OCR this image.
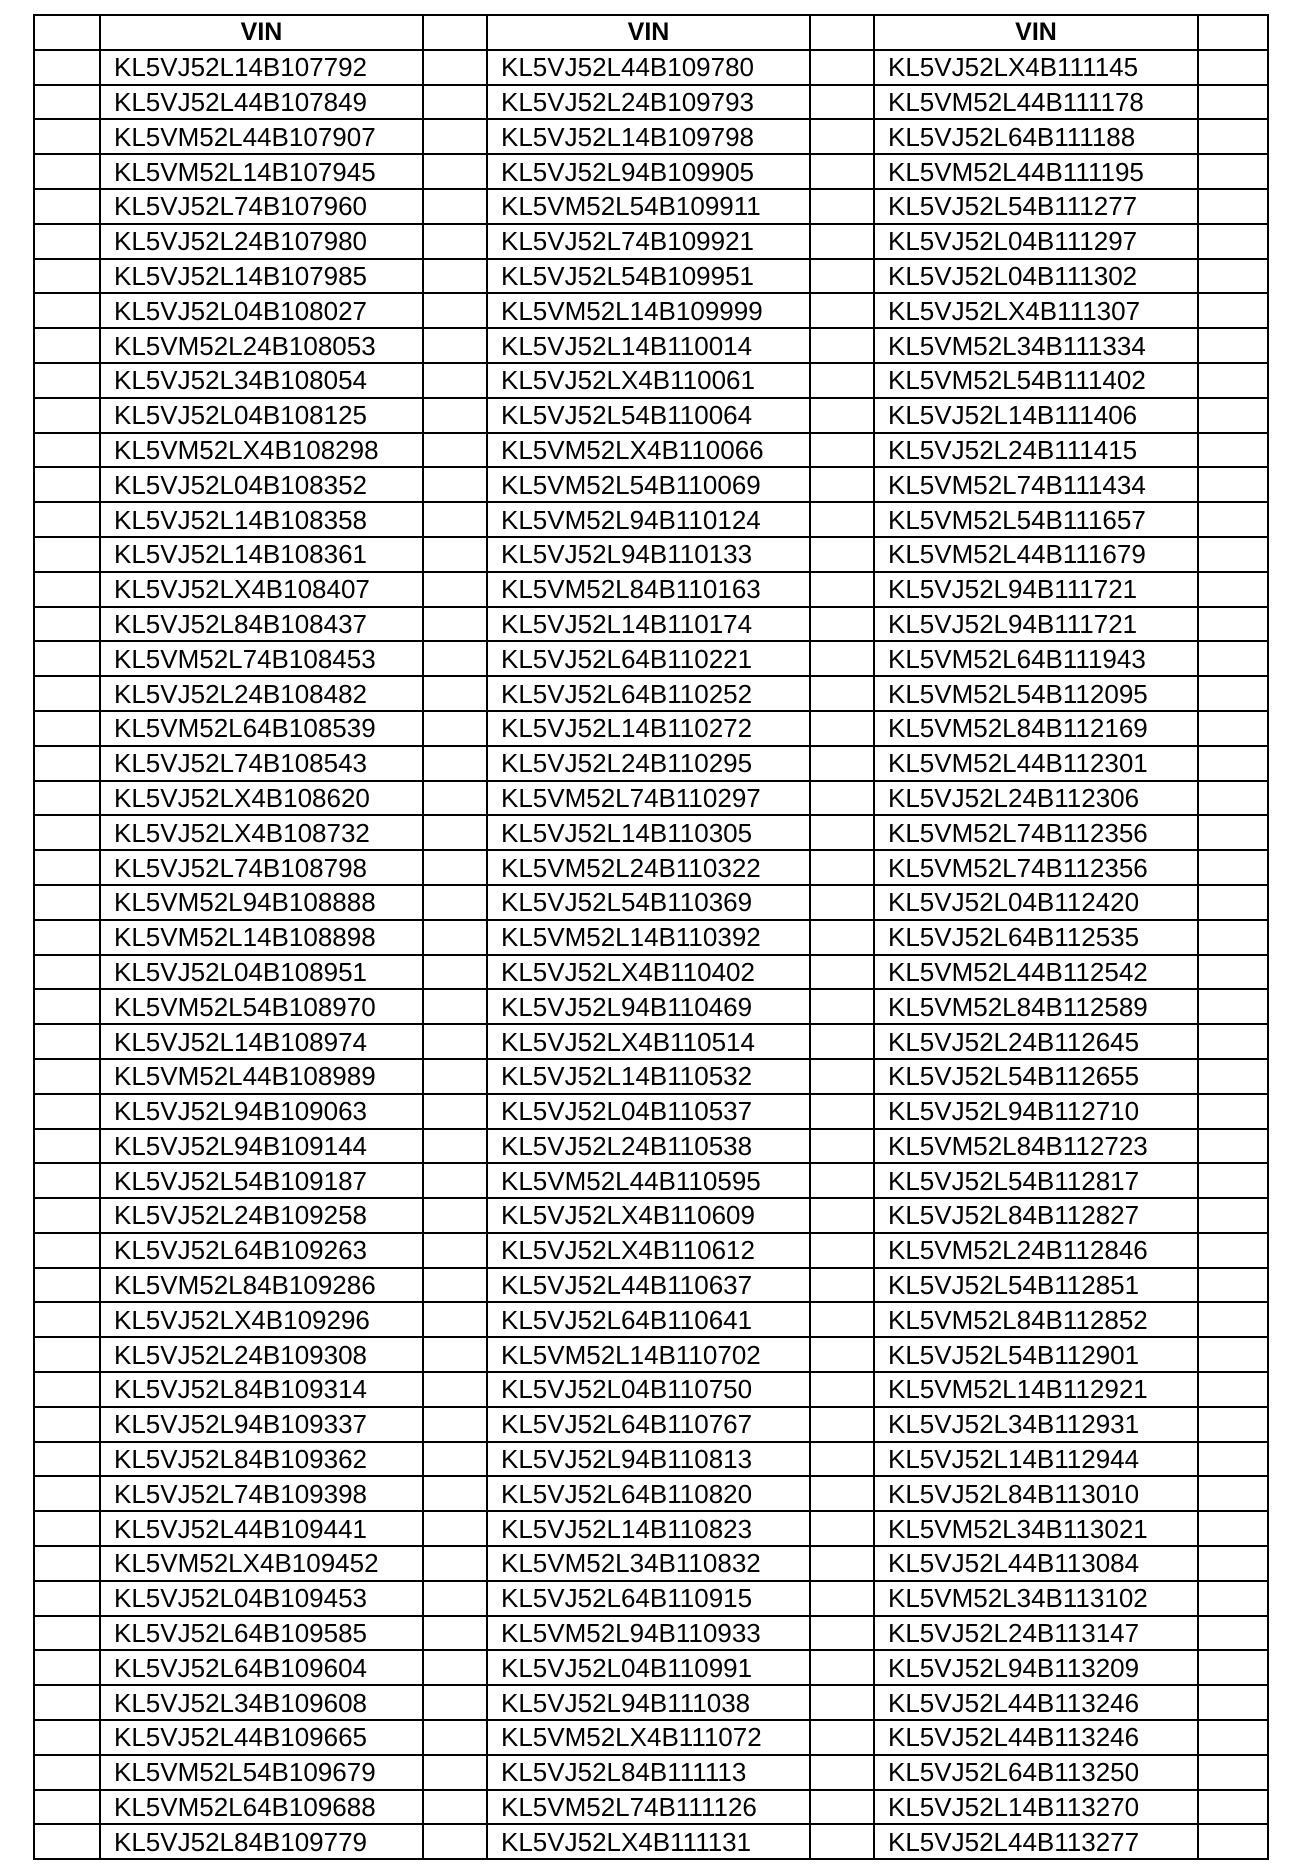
	VIN		VIN		VIN	
	KL5VJ52L14B107792		KL5VJ52L44B109780		KL5VJ52LX4B111145	
	KL5VJ52L44B107849		KL5VJ52L24B109793		KL5VM52L44B111178	
	KL5VM52L44B107907		KL5VJ52L14B109798		KL5VJ52L64B111188	
	KL5VM52L14B107945		KL5VJ52L94B109905		KL5VM52L44B111195	
	KL5VJ52L74B107960		KL5VM52L54B109911		KL5VJ52L54B111277	
	KL5VJ52L24B107980		KL5VJ52L74B109921		KL5VJ52L04B111297	
	KL5VJ52L14B107985		KL5VJ52L54B109951		KL5VJ52L04B111302	
	KL5VJ52L04B108027		KL5VM52L14B109999		KL5VJ52LX4B111307	
	KL5VM52L24B108053		KL5VJ52L14B110014		KL5VM52L34B111334	
	KL5VJ52L34B108054		KL5VJ52LX4B110061		KL5VM52L54B111402	
	KL5VJ52L04B108125		KL5VJ52L54B110064		KL5VJ52L14B111406	
	KL5VM52LX4B108298		KL5VM52LX4B110066		KL5VJ52L24B111415	
	KL5VJ52L04B108352		KL5VM52L54B110069		KL5VM52L74B111434	
	KL5VJ52L14B108358		KL5VM52L94B110124		KL5VM52L54B111657	
	KL5VJ52L14B108361		KL5VJ52L94B110133		KL5VM52L44B111679	
	KL5VJ52LX4B108407		KL5VM52L84B110163		KL5VJ52L94B111721	
	KL5VJ52L84B108437		KL5VJ52L14B110174		KL5VJ52L94B111721	
	KL5VM52L74B108453		KL5VJ52L64B110221		KL5VM52L64B111943	
	KL5VJ52L24B108482		KL5VJ52L64B110252		KL5VM52L54B112095	
	KL5VM52L64B108539		KL5VJ52L14B110272		KL5VM52L84B112169	
	KL5VJ52L74B108543		KL5VJ52L24B110295		KL5VM52L44B112301	
	KL5VJ52LX4B108620		KL5VM52L74B110297		KL5VJ52L24B112306	
	KL5VJ52LX4B108732		KL5VJ52L14B110305		KL5VM52L74B112356	
	KL5VJ52L74B108798		KL5VM52L24B110322		KL5VM52L74B112356	
	KL5VM52L94B108888		KL5VJ52L54B110369		KL5VJ52L04B112420	
	KL5VM52L14B108898		KL5VM52L14B110392		KL5VJ52L64B112535	
	KL5VJ52L04B108951		KL5VJ52LX4B110402		KL5VM52L44B112542	
	KL5VM52L54B108970		KL5VJ52L94B110469		KL5VM52L84B112589	
	KL5VJ52L14B108974		KL5VJ52LX4B110514		KL5VJ52L24B112645	
	KL5VM52L44B108989		KL5VJ52L14B110532		KL5VJ52L54B112655	
	KL5VJ52L94B109063		KL5VJ52L04B110537		KL5VJ52L94B112710	
	KL5VJ52L94B109144		KL5VJ52L24B110538		KL5VM52L84B112723	
	KL5VJ52L54B109187		KL5VM52L44B110595		KL5VJ52L54B112817	
	KL5VJ52L24B109258		KL5VJ52LX4B110609		KL5VJ52L84B112827	
	KL5VJ52L64B109263		KL5VJ52LX4B110612		KL5VM52L24B112846	
	KL5VM52L84B109286		KL5VJ52L44B110637		KL5VJ52L54B112851	
	KL5VJ52LX4B109296		KL5VJ52L64B110641		KL5VM52L84B112852	
	KL5VJ52L24B109308		KL5VM52L14B110702		KL5VJ52L54B112901	
	KL5VJ52L84B109314		KL5VJ52L04B110750		KL5VM52L14B112921	
	KL5VJ52L94B109337		KL5VJ52L64B110767		KL5VJ52L34B112931	
	KL5VJ52L84B109362		KL5VJ52L94B110813		KL5VJ52L14B112944	
	KL5VJ52L74B109398		KL5VJ52L64B110820		KL5VJ52L84B113010	
	KL5VJ52L44B109441		KL5VJ52L14B110823		KL5VM52L34B113021	
	KL5VM52LX4B109452		KL5VM52L34B110832		KL5VJ52L44B113084	
	KL5VJ52L04B109453		KL5VJ52L64B110915		KL5VM52L34B113102	
	KL5VJ52L64B109585		KL5VM52L94B110933		KL5VJ52L24B113147	
	KL5VJ52L64B109604		KL5VJ52L04B110991		KL5VJ52L94B113209	
	KL5VJ52L34B109608		KL5VJ52L94B111038		KL5VJ52L44B113246	
	KL5VJ52L44B109665		KL5VM52LX4B111072		KL5VJ52L44B113246	
	KL5VM52L54B109679		KL5VJ52L84B111113		KL5VJ52L64B113250	
	KL5VM52L64B109688		KL5VM52L74B111126		KL5VJ52L14B113270	
	KL5VJ52L84B109779		KL5VJ52LX4B111131		KL5VJ52L44B113277	
